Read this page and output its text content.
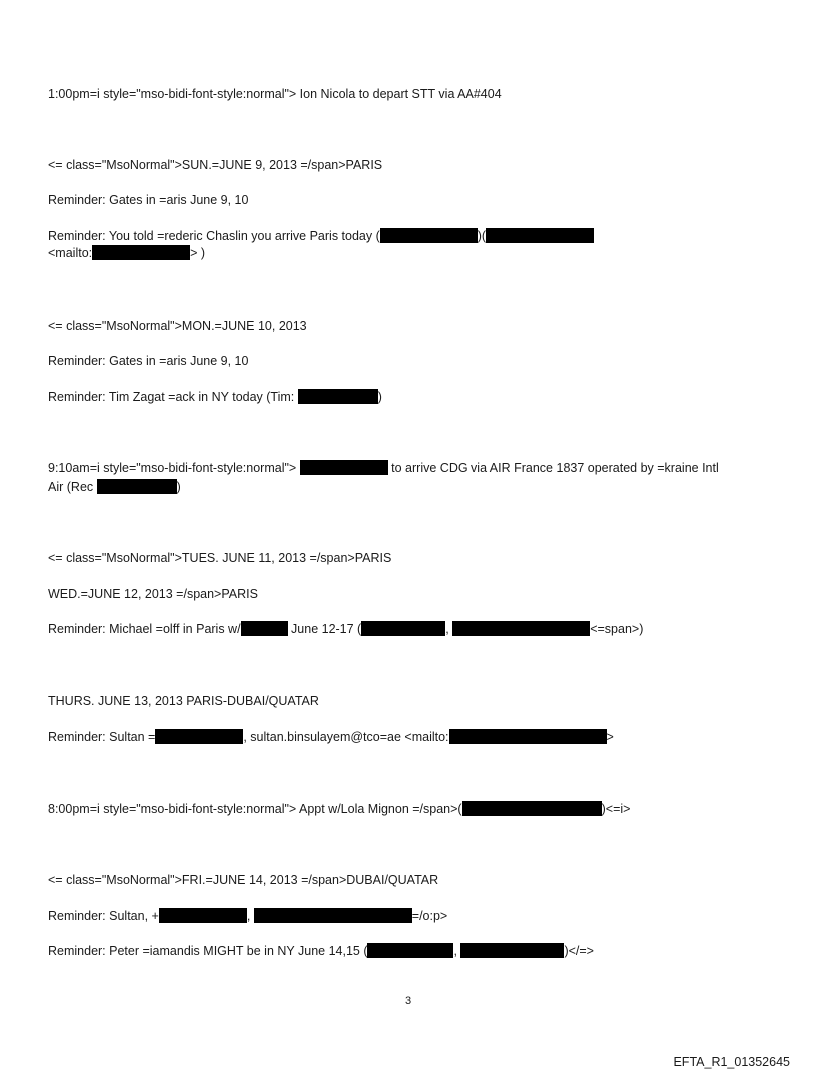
1:00pm=i style="mso-bidi-font-style:normal"> Ion Nicola to depart STT via AA#404
<= class="MsoNormal">SUN.=JUNE 9, 2013 =/span>PARIS
Reminder: Gates in =aris June 9, 10
Reminder: You told =rederic Chaslin you arrive Paris today (	)(
<mailto:	> )
<= class="MsoNormal">MON.=JUNE 10, 2013
Reminder: Gates in =aris June 9, 10
Reminder: Tim Zagat =ack in NY today (Tim:	)
9:10am=i style="mso-bidi-font-style:normal">	to arrive CDG via AIR France 1837 operated by =kraine Intl
Air (Rec	)
<= class="MsoNormal">TUES. JUNE 11, 2013 =/span>PARIS
WED.=JUNE 12, 2013 =/span>PARIS
Reminder: Michael =olff in Paris w/	June 12-17 (	,	<=span>)
THURS. JUNE 13, 2013 PARIS-DUBAI/QUATAR
Reminder: Sultan =	, sultan.binsulayem@tco=ae <mailto:	>
8:00pm=i style="mso-bidi-font-style:normal"> Appt w/Lola Mignon =/span>(	)<=i>
<= class="MsoNormal">FRI.=JUNE 14, 2013 =/span>DUBAI/QUATAR
Reminder: Sultan, +	,	=/o:p>
Reminder: Peter =iamandis MIGHT be in NY June 14,15 (	,	)</=>
3
EFTA_R1_01352645
